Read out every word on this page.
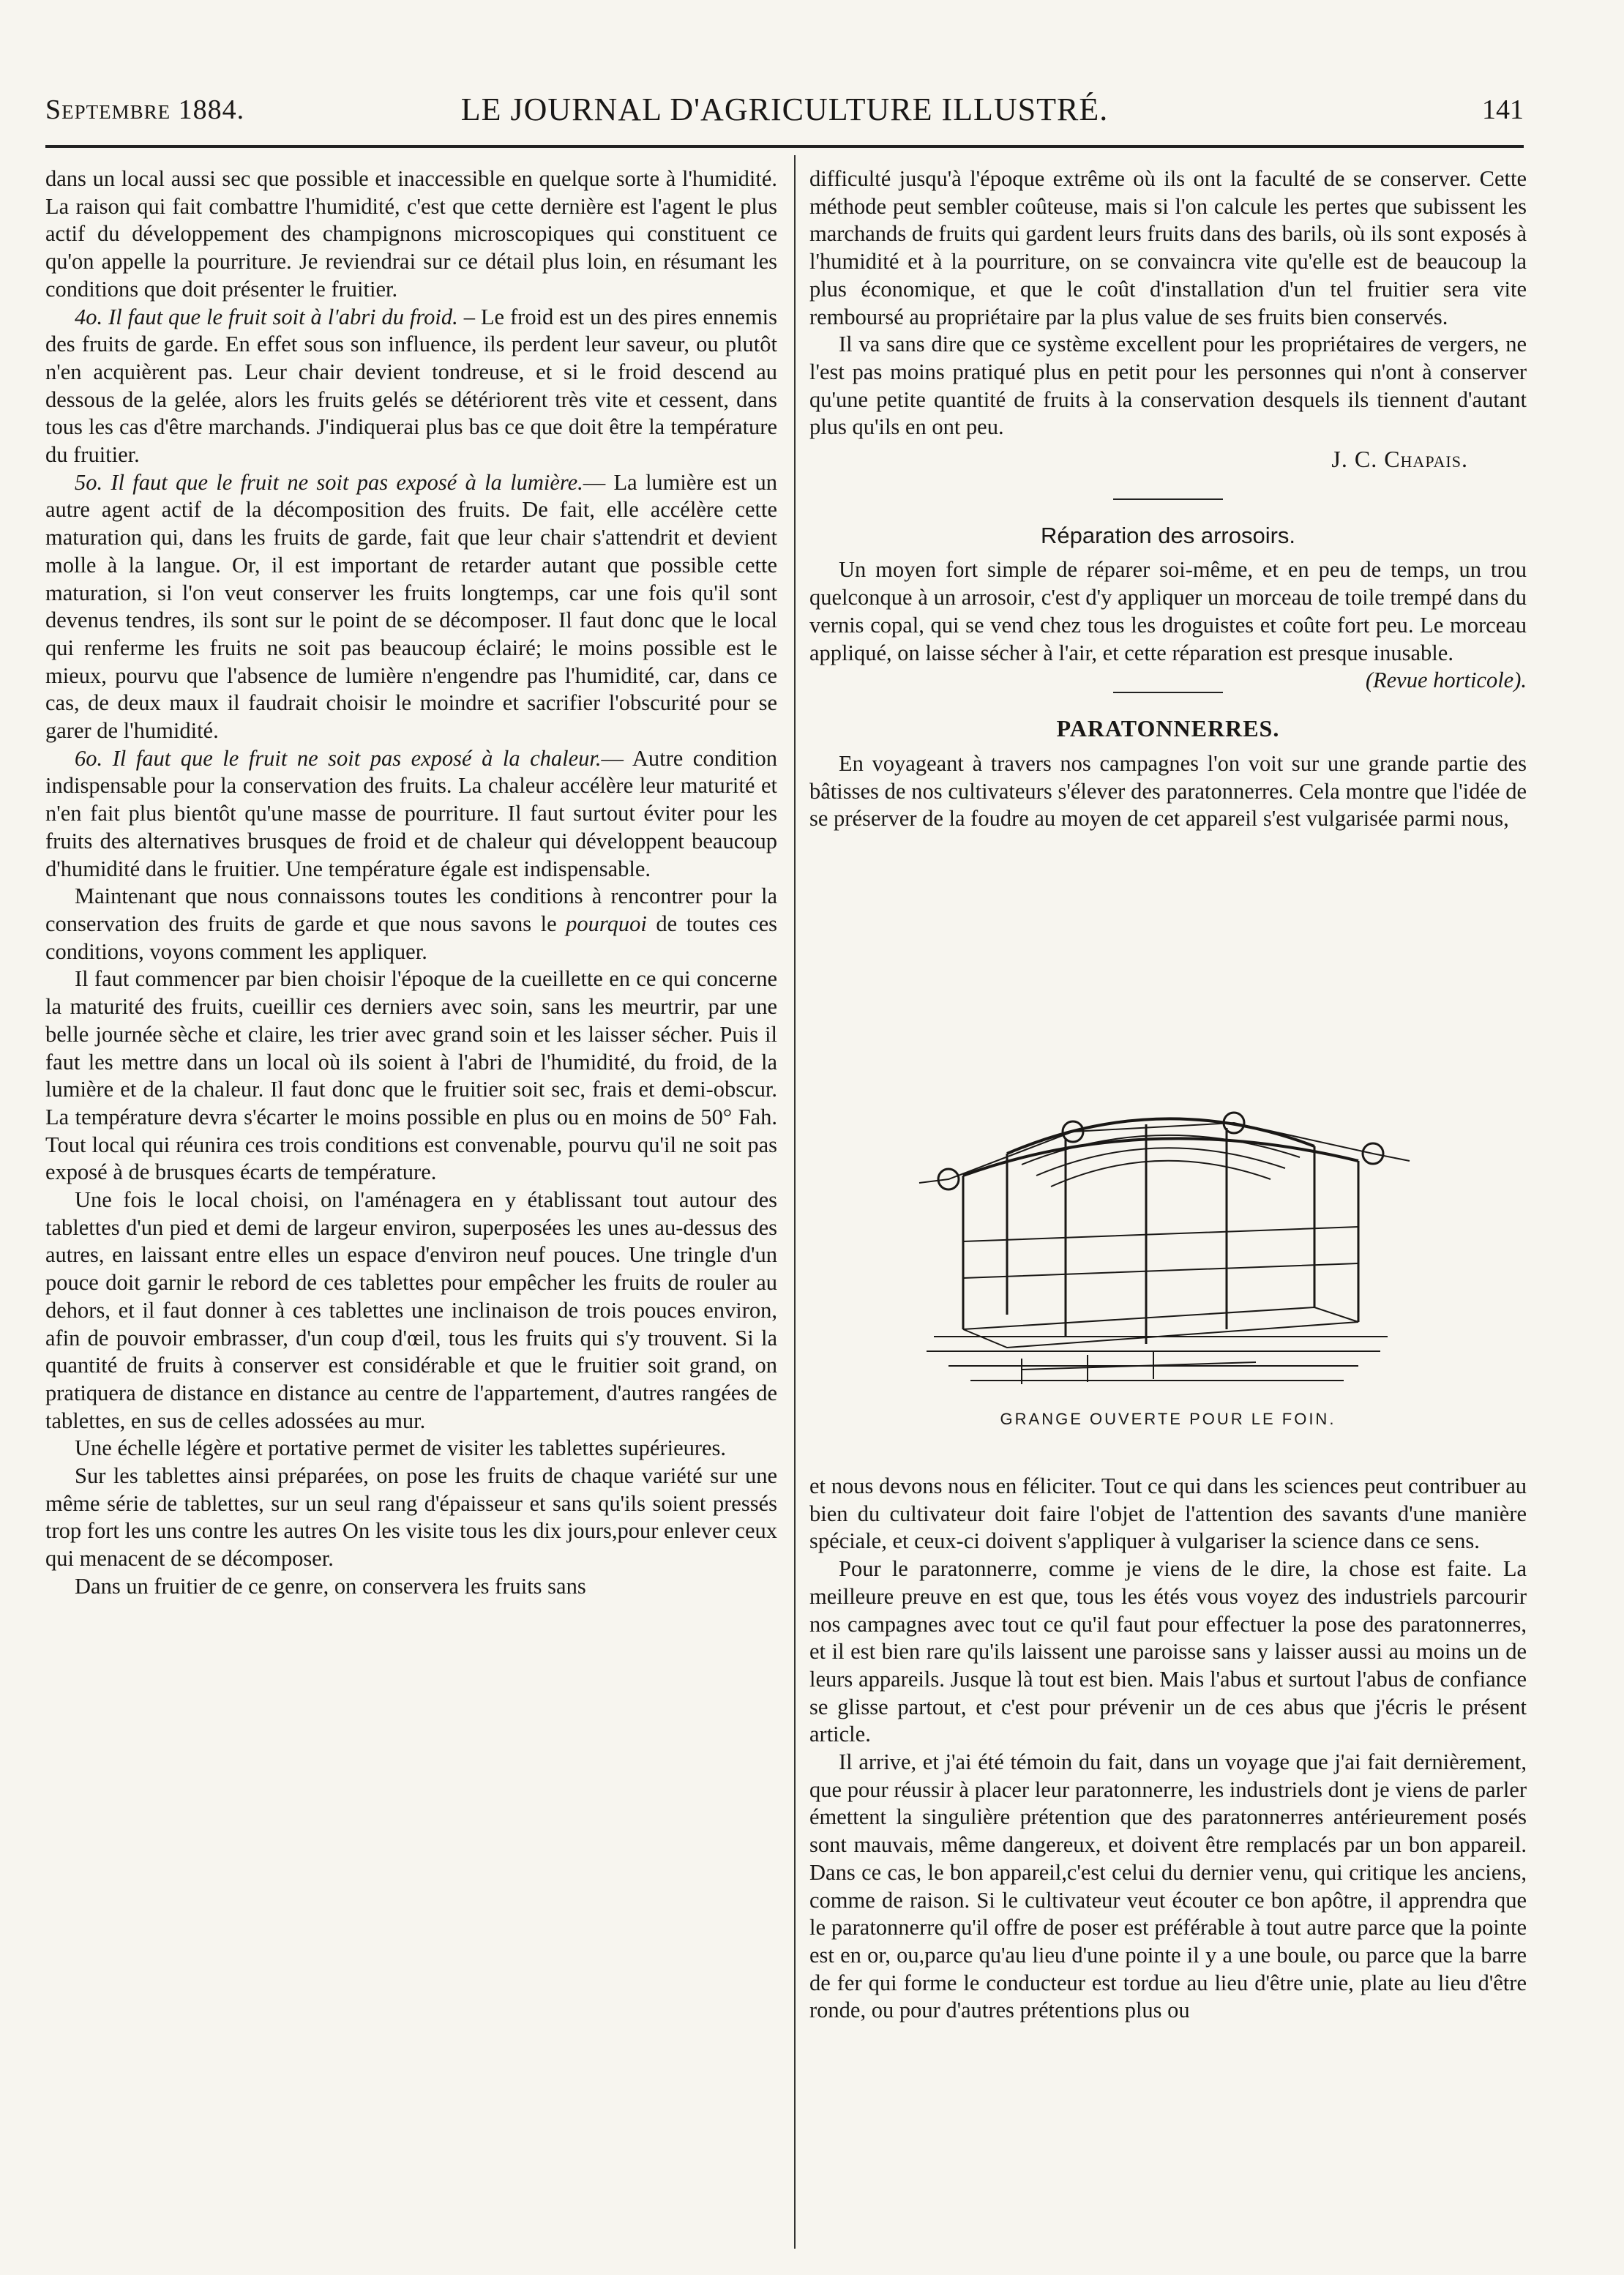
Septembre 1884.	LE JOURNAL D'AGRICULTURE ILLUSTRÉ.	141

dans un local aussi sec que possible et inaccessible en quelque sorte à l'humidité. La raison qui fait combattre l'humidité, c'est que cette dernière est l'agent le plus actif du développement des champignons microscopiques qui constituent ce qu'on appelle la pourriture. Je reviendrai sur ce détail plus loin, en résumant les conditions que doit présenter le fruitier.

4o. Il faut que le fruit soit à l'abri du froid. – Le froid est un des pires ennemis des fruits de garde. En effet sous son influence, ils perdent leur saveur, ou plutôt n'en acquièrent pas. Leur chair devient tondreuse, et si le froid descend au dessous de la gelée, alors les fruits gelés se détériorent très vite et cessent, dans tous les cas d'être marchands. J'indiquerai plus bas ce que doit être la température du fruitier.

5o. Il faut que le fruit ne soit pas exposé à la lumière.— La lumière est un autre agent actif de la décomposition des fruits. De fait, elle accélère cette maturation qui, dans les fruits de garde, fait que leur chair s'attendrit et devient molle à la langue. Or, il est important de retarder autant que possible cette maturation, si l'on veut conserver les fruits longtemps, car une fois qu'il sont devenus tendres, ils sont sur le point de se décomposer. Il faut donc que le local qui renferme les fruits ne soit pas beaucoup éclairé; le moins possible est le mieux, pourvu que l'absence de lumière n'engendre pas l'humidité, car, dans ce cas, de deux maux il faudrait choisir le moindre et sacrifier l'obscurité pour se garer de l'humidité.

6o. Il faut que le fruit ne soit pas exposé à la chaleur.— Autre condition indispensable pour la conservation des fruits. La chaleur accélère leur maturité et n'en fait plus bientôt qu'une masse de pourriture. Il faut surtout éviter pour les fruits des alternatives brusques de froid et de chaleur qui développent beaucoup d'humidité dans le fruitier. Une température égale est indispensable.

Maintenant que nous connaissons toutes les conditions à rencontrer pour la conservation des fruits de garde et que nous savons le pourquoi de toutes ces conditions, voyons comment les appliquer.

Il faut commencer par bien choisir l'époque de la cueillette en ce qui concerne la maturité des fruits, cueillir ces derniers avec soin, sans les meurtrir, par une belle journée sèche et claire, les trier avec grand soin et les laisser sécher. Puis il faut les mettre dans un local où ils soient à l'abri de l'humidité, du froid, de la lumière et de la chaleur. Il faut donc que le fruitier soit sec, frais et demi-obscur. La température devra s'écarter le moins possible en plus ou en moins de 50° Fah. Tout local qui réunira ces trois conditions est convenable, pourvu qu'il ne soit pas exposé à de brusques écarts de température.

Une fois le local choisi, on l'aménagera en y établissant tout autour des tablettes d'un pied et demi de largeur environ, superposées les unes au-dessus des autres, en laissant entre elles un espace d'environ neuf pouces. Une tringle d'un pouce doit garnir le rebord de ces tablettes pour empêcher les fruits de rouler au dehors, et il faut donner à ces tablettes une inclinaison de trois pouces environ, afin de pouvoir embrasser, d'un coup d'œil, tous les fruits qui s'y trouvent. Si la quantité de fruits à conserver est considérable et que le fruitier soit grand, on pratiquera de distance en distance au centre de l'appartement, d'autres rangées de tablettes, en sus de celles adossées au mur.

Une échelle légère et portative permet de visiter les tablettes supérieures.

Sur les tablettes ainsi préparées, on pose les fruits de chaque variété sur une même série de tablettes, sur un seul rang d'épaisseur et sans qu'ils soient pressés trop fort les uns contre les autres On les visite tous les dix jours,pour enlever ceux qui menacent de se décomposer.

Dans un fruitier de ce genre, on conservera les fruits sans

difficulté jusqu'à l'époque extrême où ils ont la faculté de se conserver. Cette méthode peut sembler coûteuse, mais si l'on calcule les pertes que subissent les marchands de fruits qui gardent leurs fruits dans des barils, où ils sont exposés à l'humidité et à la pourriture, on se convaincra vite qu'elle est de beaucoup la plus économique, et que le coût d'installation d'un tel fruitier sera vite remboursé au propriétaire par la plus value de ses fruits bien conservés.

Il va sans dire que ce système excellent pour les propriétaires de vergers, ne l'est pas moins pratiqué plus en petit pour les personnes qui n'ont à conserver qu'une petite quantité de fruits à la conservation desquels ils tiennent d'autant plus qu'ils en ont peu.

J. C. Chapais.
Réparation des arrosoirs.

Un moyen fort simple de réparer soi-même, et en peu de temps, un trou quelconque à un arrosoir, c'est d'y appliquer un morceau de toile trempé dans du vernis copal, qui se vend chez tous les droguistes et coûte fort peu. Le morceau appliqué, on laisse sécher à l'air, et cette réparation est presque inusable.
(Revue horticole).

PARATONNERRES.

En voyageant à travers nos campagnes l'on voit sur une grande partie des bâtisses de nos cultivateurs s'élever des paratonnerres. Cela montre que l'idée de se préserver de la foudre au moyen de cet appareil s'est vulgarisée parmi nous,

GRANGE OUVERTE POUR LE FOIN.

et nous devons nous en féliciter. Tout ce qui dans les sciences peut contribuer au bien du cultivateur doit faire l'objet de l'attention des savants d'une manière spéciale, et ceux-ci doivent s'appliquer à vulgariser la science dans ce sens.

Pour le paratonnerre, comme je viens de le dire, la chose est faite. La meilleure preuve en est que, tous les étés vous voyez des industriels parcourir nos campagnes avec tout ce qu'il faut pour effectuer la pose des paratonnerres, et il est bien rare qu'ils laissent une paroisse sans y laisser aussi au moins un de leurs appareils. Jusque là tout est bien. Mais l'abus et surtout l'abus de confiance se glisse partout, et c'est pour prévenir un de ces abus que j'écris le présent article.

Il arrive, et j'ai été témoin du fait, dans un voyage que j'ai fait dernièrement, que pour réussir à placer leur paratonnerre, les industriels dont je viens de parler émettent la singulière prétention que des paratonnerres antérieurement posés sont mauvais, même dangereux, et doivent être remplacés par un bon appareil. Dans ce cas, le bon appareil,c'est celui du dernier venu, qui critique les anciens, comme de raison. Si le cultivateur veut écouter ce bon apôtre, il apprendra que le paratonnerre qu'il offre de poser est préférable à tout autre parce que la pointe est en or, ou,parce qu'au lieu d'une pointe il y a une boule, ou parce que la barre de fer qui forme le conducteur est tordue au lieu d'être unie, plate au lieu d'être ronde, ou pour d'autres prétentions plus ou
